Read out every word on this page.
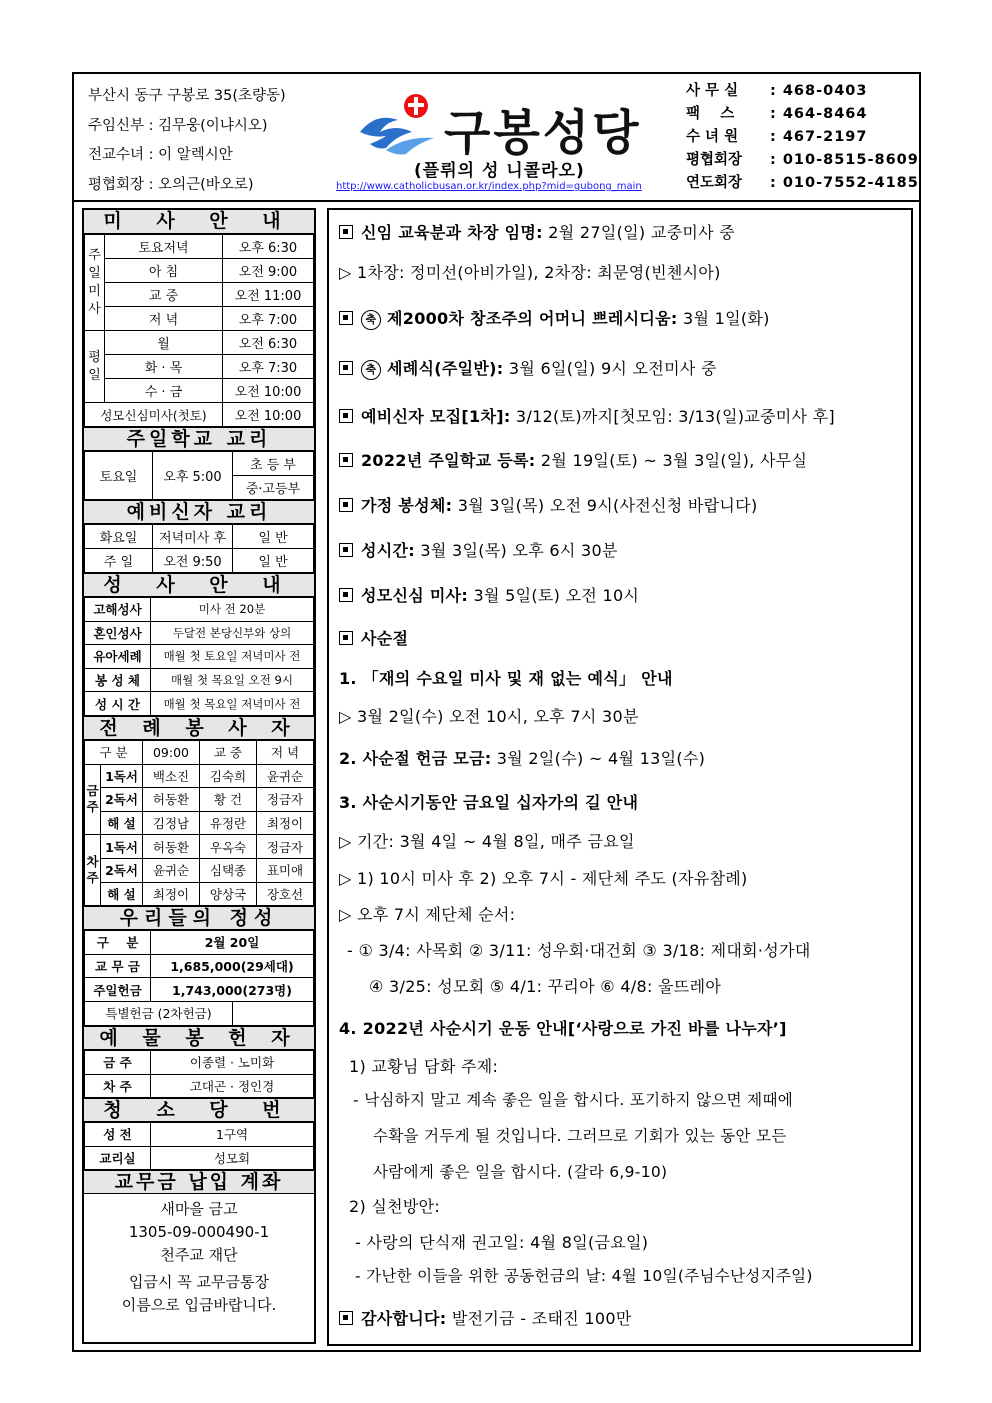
부산시 동구 구봉로 35(초량동)
주임신부 : 김무웅(이냐시오)
전교수녀 : 이 알렉시안
평협회장 : 오의근(바오로)
구봉성당
(플뤼의 성 니콜라오)
http://www.catholicbusan.or.kr/index.php?mid=gubong_main
사 무 실	: 468-0403
팩    스	: 464-8464
수 녀 원	: 467-2197
평협회장	: 010-8515-8609
연도회장	: 010-7552-4185
미 사 안 내
주일미사	토요저녁	오후 6:30
	아 침	오전 9:00
	교 중	오전 11:00
	저 녁	오후 7:00
평일	월	오전 6:30
	화 · 목	오후 7:30
	수 · 금	오전 10:00
성모신심미사(첫토)		오전 10:00
주일학교 교리
토요일	오후 5:00	초 등 부
중·고등부
예비신자 교리
화요일	저녁미사 후	일 반
주 일	오전 9:50	일 반
성 사 안 내
고해성사	미사 전 20분
혼인성사	두달전 본당신부와 상의
유아세례	매월 첫 토요일 저녁미사 전
봉 성 체	매월 첫 목요일 오전 9시
성 시 간	매월 첫 목요일 저녁미사 전
전 례 봉 사 자
구 분		09:00	교 중	저 녁
금주	1독서	백소진	김숙희	윤귀순
	2독서	허동환	황 건	정금자
	해 설	김정남	유정란	최정이
차주	1독서	허동환	우옥숙	정금자
	2독서	윤귀순	심택종	표미애
	해 설	최정이	양상국	장호선
우리들의 정성
구    분	2월 20일
교 무 금	1,685,000(29세대)
주일헌금	1,743,000(273명)
특별헌금 (2차헌금)	
예 물 봉 헌 자
금 주	이종렬 · 노미화
차 주	고대곤 · 정인경
청 소 당 번
성 전	1구역
교리실	성모회
교무금 납입 계좌
새마을 금고
1305-09-000490-1
천주교 재단
입금시 꼭 교무금통장
이름으로 입금바랍니다.
신임 교육분과 차장 임명: 2월 27일(일) 교중미사 중
▷ 1차장: 정미선(아비가일), 2차장: 최문영(빈첸시아)
축 제2000차 창조주의 어머니 쁘레시디움: 3월 1일(화)
축 세례식(주일반): 3월 6일(일) 9시 오전미사 중
예비신자 모집[1차]: 3/12(토)까지[첫모임: 3/13(일)교중미사 후]
2022년 주일학교 등록: 2월 19일(토) ~ 3월 3일(일), 사무실
가정 봉성체: 3월 3일(목) 오전 9시(사전신청 바랍니다)
성시간: 3월 3일(목) 오후 6시 30분
성모신심 미사: 3월 5일(토) 오전 10시
사순절
1. 「재의 수요일 미사 및 재 없는 예식」 안내
▷ 3월 2일(수) 오전 10시, 오후 7시 30분
2. 사순절 헌금 모금: 3월 2일(수) ~ 4월 13일(수)
3. 사순시기동안 금요일 십자가의 길 안내
▷ 기간: 3월 4일 ~ 4월 8일, 매주 금요일
▷ 1) 10시 미사 후 2) 오후 7시 - 제단체 주도 (자유참례)
▷ 오후 7시 제단체 순서:
- ① 3/4: 사목회 ② 3/11: 성우회·대건회 ③ 3/18: 제대회·성가대
④ 3/25: 성모회 ⑤ 4/1: 꾸리아 ⑥ 4/8: 울뜨레아
4. 2022년 사순시기 운동 안내[‘사랑으로 가진 바를 나누자’]
1) 교황님 담화 주제:
- 낙심하지 말고 계속 좋은 일을 합시다. 포기하지 않으면 제때에
수확을 거두게 될 것입니다. 그러므로 기회가 있는 동안 모든
사람에게 좋은 일을 합시다. (갈라 6,9-10)
2) 실천방안:
- 사랑의 단식재 권고일: 4월 8일(금요일)
- 가난한 이들을 위한 공동헌금의 날: 4월 10일(주님수난성지주일)
감사합니다: 발전기금 - 조태진 100만
